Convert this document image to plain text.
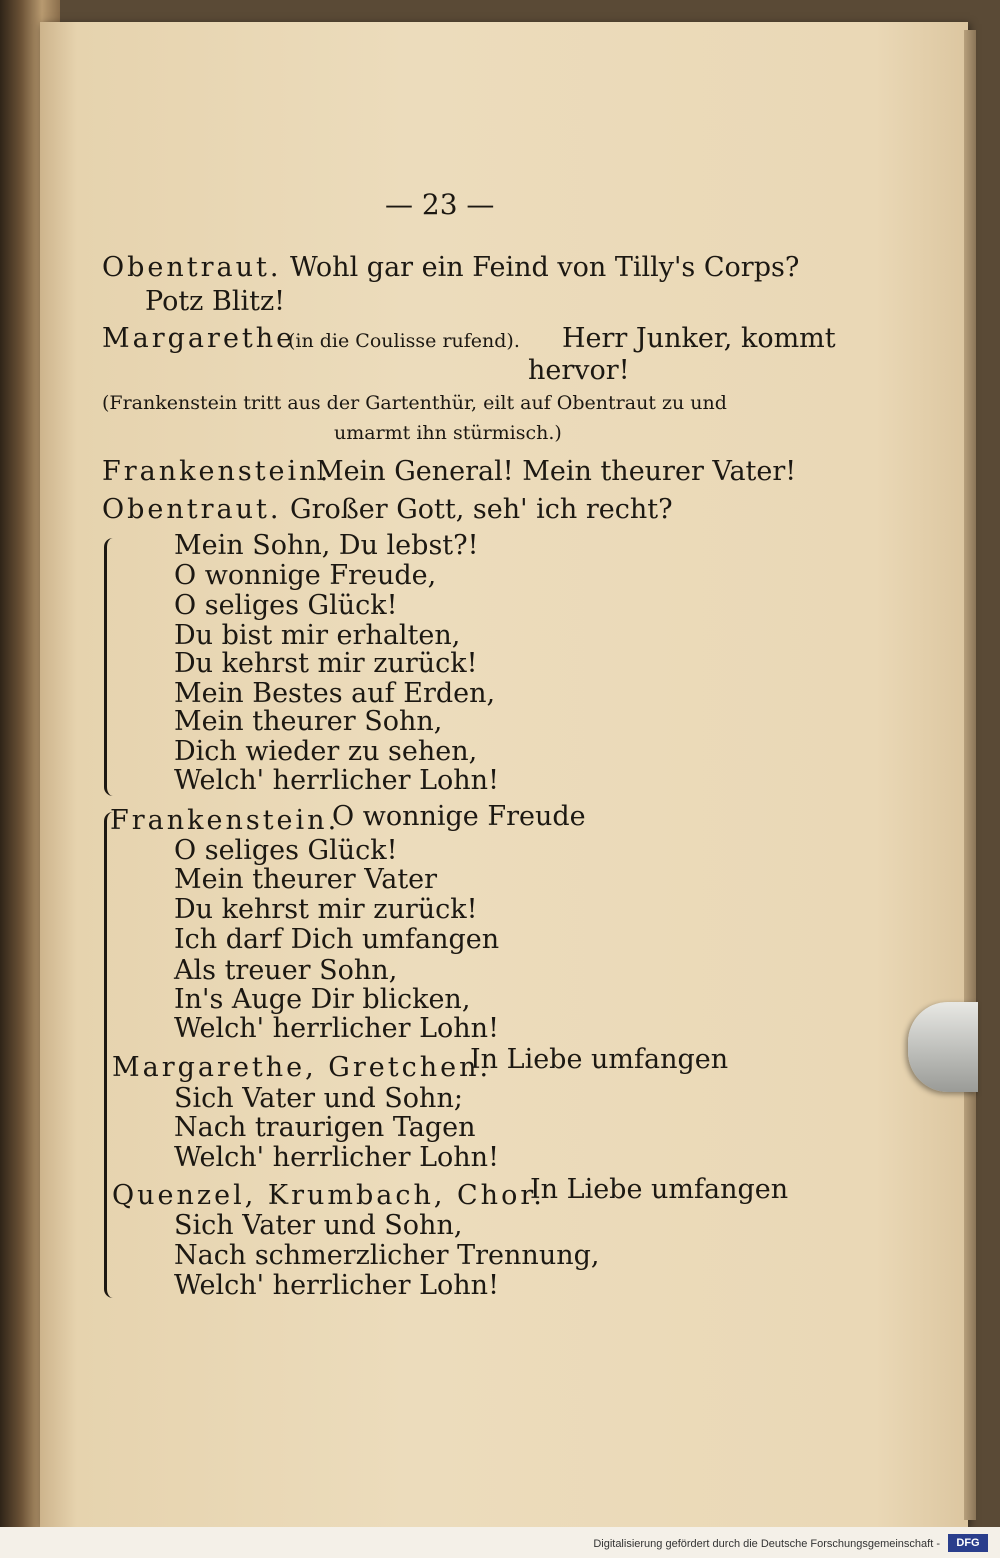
— 23 —
Obentraut. Wohl gar ein Feind von Tilly's Corps?
Potz Blitz!
Margarethe
(in die Coulisse rufend). Herr Junker, kommt
hervor!
(Frankenstein tritt aus der Gartenthür, eilt auf Obentraut zu und
umarmt ihn stürmisch.)
Frankenstein.
Mein General! Mein theurer Vater!
Obentraut. Großer Gott, seh' ich recht?
Mein Sohn, Du lebst?!
O wonnige Freude,
O seliges Glück!
Du bist mir erhalten,
Du kehrst mir zurück!
Mein Bestes auf Erden,
Mein theurer Sohn,
Dich wieder zu sehen,
Welch' herrlicher Lohn!
Frankenstein.
O wonnige Freude
O seliges Glück!
Mein theurer Vater
Du kehrst mir zurück!
Ich darf Dich umfangen
Als treuer Sohn,
In's Auge Dir blicken,
Welch' herrlicher Lohn!
Margarethe, Gretchen.
In Liebe umfangen
Sich Vater und Sohn;
Nach traurigen Tagen
Welch' herrlicher Lohn!
Quenzel, Krumbach, Chor.
In Liebe umfangen
Sich Vater und Sohn,
Nach schmerzlicher Trennung,
Welch' herrlicher Lohn!
Digitalisierung gefördert durch die Deutsche Forschungsgemeinschaft -	DFG
